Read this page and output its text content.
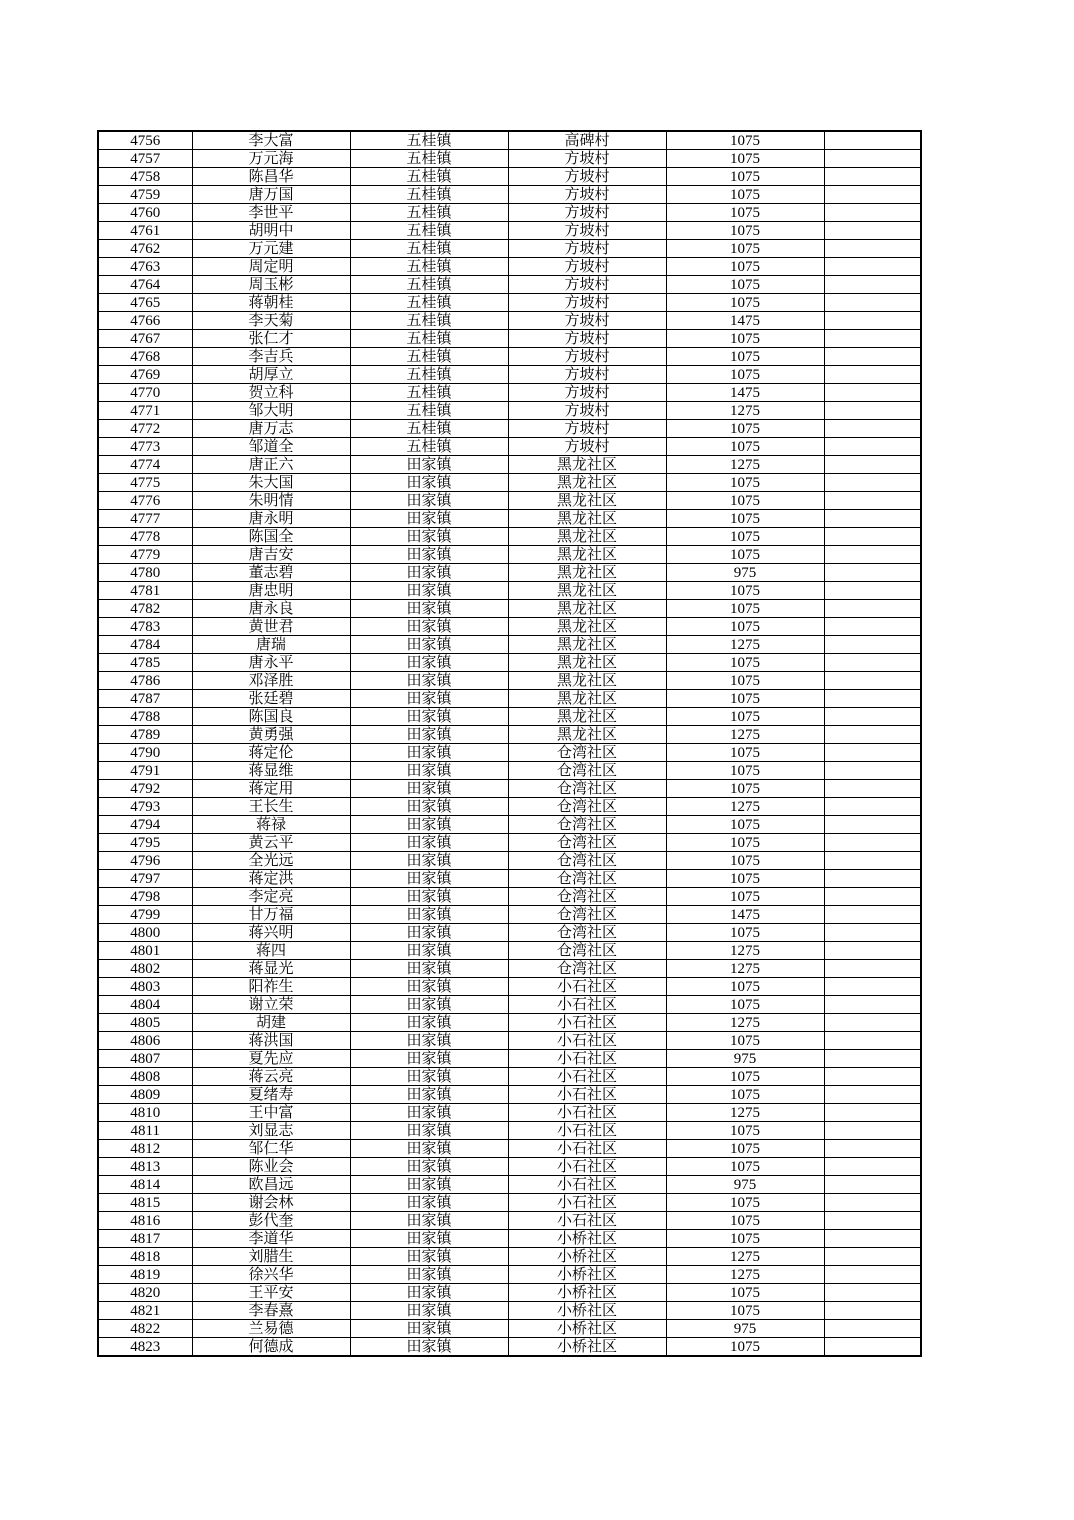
4756	李大富	五桂镇	高碑村	1075	
4757	万元海	五桂镇	方坡村	1075	
4758	陈昌华	五桂镇	方坡村	1075	
4759	唐万国	五桂镇	方坡村	1075	
4760	李世平	五桂镇	方坡村	1075	
4761	胡明中	五桂镇	方坡村	1075	
4762	万元建	五桂镇	方坡村	1075	
4763	周定明	五桂镇	方坡村	1075	
4764	周玉彬	五桂镇	方坡村	1075	
4765	蒋朝桂	五桂镇	方坡村	1075	
4766	李天菊	五桂镇	方坡村	1475	
4767	张仁才	五桂镇	方坡村	1075	
4768	李吉兵	五桂镇	方坡村	1075	
4769	胡厚立	五桂镇	方坡村	1075	
4770	贺立科	五桂镇	方坡村	1475	
4771	邹大明	五桂镇	方坡村	1275	
4772	唐万志	五桂镇	方坡村	1075	
4773	邹道全	五桂镇	方坡村	1075	
4774	唐正六	田家镇	黑龙社区	1275	
4775	朱大国	田家镇	黑龙社区	1075	
4776	朱明情	田家镇	黑龙社区	1075	
4777	唐永明	田家镇	黑龙社区	1075	
4778	陈国全	田家镇	黑龙社区	1075	
4779	唐吉安	田家镇	黑龙社区	1075	
4780	董志碧	田家镇	黑龙社区	975	
4781	唐忠明	田家镇	黑龙社区	1075	
4782	唐永良	田家镇	黑龙社区	1075	
4783	黄世君	田家镇	黑龙社区	1075	
4784	唐瑞	田家镇	黑龙社区	1275	
4785	唐永平	田家镇	黑龙社区	1075	
4786	邓泽胜	田家镇	黑龙社区	1075	
4787	张廷碧	田家镇	黑龙社区	1075	
4788	陈国良	田家镇	黑龙社区	1075	
4789	黄勇强	田家镇	黑龙社区	1275	
4790	蒋定伦	田家镇	仓湾社区	1075	
4791	蒋显维	田家镇	仓湾社区	1075	
4792	蒋定用	田家镇	仓湾社区	1075	
4793	王长生	田家镇	仓湾社区	1275	
4794	蒋禄	田家镇	仓湾社区	1075	
4795	黄云平	田家镇	仓湾社区	1075	
4796	全光远	田家镇	仓湾社区	1075	
4797	蒋定洪	田家镇	仓湾社区	1075	
4798	李定亮	田家镇	仓湾社区	1075	
4799	甘万福	田家镇	仓湾社区	1475	
4800	蒋兴明	田家镇	仓湾社区	1075	
4801	蒋四	田家镇	仓湾社区	1275	
4802	蒋显光	田家镇	仓湾社区	1275	
4803	阳祚生	田家镇	小石社区	1075	
4804	谢立荣	田家镇	小石社区	1075	
4805	胡建	田家镇	小石社区	1275	
4806	蒋洪国	田家镇	小石社区	1075	
4807	夏先应	田家镇	小石社区	975	
4808	蒋云亮	田家镇	小石社区	1075	
4809	夏绪寿	田家镇	小石社区	1075	
4810	王中富	田家镇	小石社区	1275	
4811	刘显志	田家镇	小石社区	1075	
4812	邹仁华	田家镇	小石社区	1075	
4813	陈业会	田家镇	小石社区	1075	
4814	欧昌远	田家镇	小石社区	975	
4815	谢会林	田家镇	小石社区	1075	
4816	彭代奎	田家镇	小石社区	1075	
4817	李道华	田家镇	小桥社区	1075	
4818	刘腊生	田家镇	小桥社区	1275	
4819	徐兴华	田家镇	小桥社区	1275	
4820	王平安	田家镇	小桥社区	1075	
4821	李春熹	田家镇	小桥社区	1075	
4822	兰易德	田家镇	小桥社区	975	
4823	何德成	田家镇	小桥社区	1075	
